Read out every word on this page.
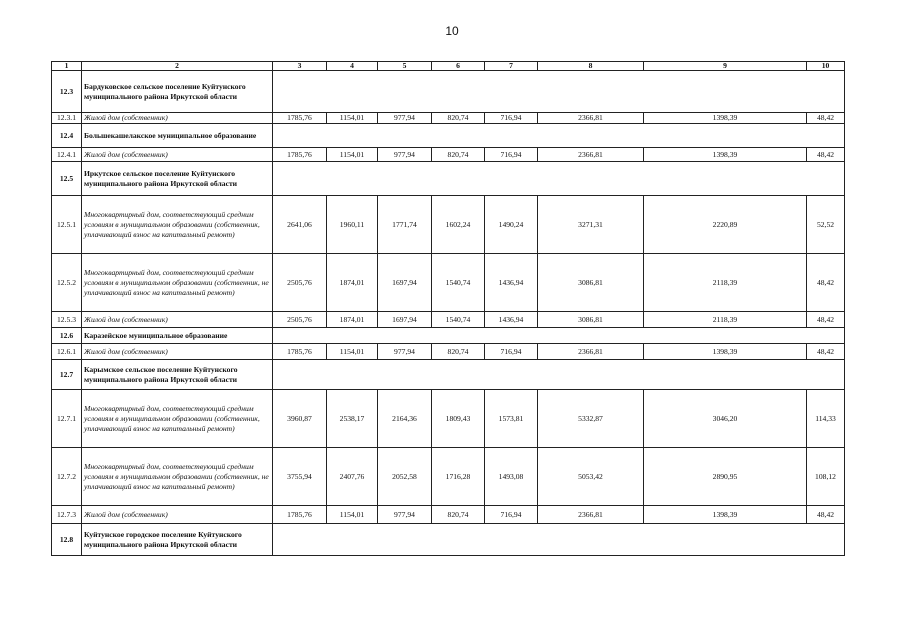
10
1	2	3	4	5	6	7	8	9	10
12.3	Бардуковское сельское поселение Куйтунского муниципального района Иркутской области								
12.3.1	Жилой дом (собственник)	1785,76	1154,01	977,94	820,74	716,94	2366,81	1398,39	48,42
12.4	Большекашелакское муниципальное образование								
12.4.1	Жилой дом (собственник)	1785,76	1154,01	977,94	820,74	716,94	2366,81	1398,39	48,42
12.5	Иркутское сельское поселение Куйтунского муниципального района Иркутской области								
12.5.1	Многоквартирный дом, соответствующий средним условиям в муниципальном образовании (собственник, уплачивающий взнос на капитальный ремонт)	2641,06	1960,11	1771,74	1602,24	1490,24	3271,31	2220,89	52,52
12.5.2	Многоквартирный дом, соответствующий средним условиям в муниципальном образовании (собственник, не уплачивающий взнос на капитальный ремонт)	2505,76	1874,01	1697,94	1540,74	1436,94	3086,81	2118,39	48,42
12.5.3	Жилой дом (собственник)	2505,76	1874,01	1697,94	1540,74	1436,94	3086,81	2118,39	48,42
12.6	Каразейское муниципальное образование								
12.6.1	Жилой дом (собственник)	1785,76	1154,01	977,94	820,74	716,94	2366,81	1398,39	48,42
12.7	Карымское сельское поселение Куйтунского муниципального района Иркутской области								
12.7.1	Многоквартирный дом, соответствующий средним условиям в муниципальном образовании (собственник, уплачивающий взнос на капитальный ремонт)	3960,87	2538,17	2164,36	1809,43	1573,81	5332,87	3046,20	114,33
12.7.2	Многоквартирный дом, соответствующий средним условиям в муниципальном образовании (собственник, не уплачивающий взнос на капитальный ремонт)	3755,94	2407,76	2052,58	1716,28	1493,08	5053,42	2890,95	108,12
12.7.3	Жилой дом (собственник)	1785,76	1154,01	977,94	820,74	716,94	2366,81	1398,39	48,42
12.8	Куйтунское городское поселение Куйтунского муниципального района Иркутской области								
